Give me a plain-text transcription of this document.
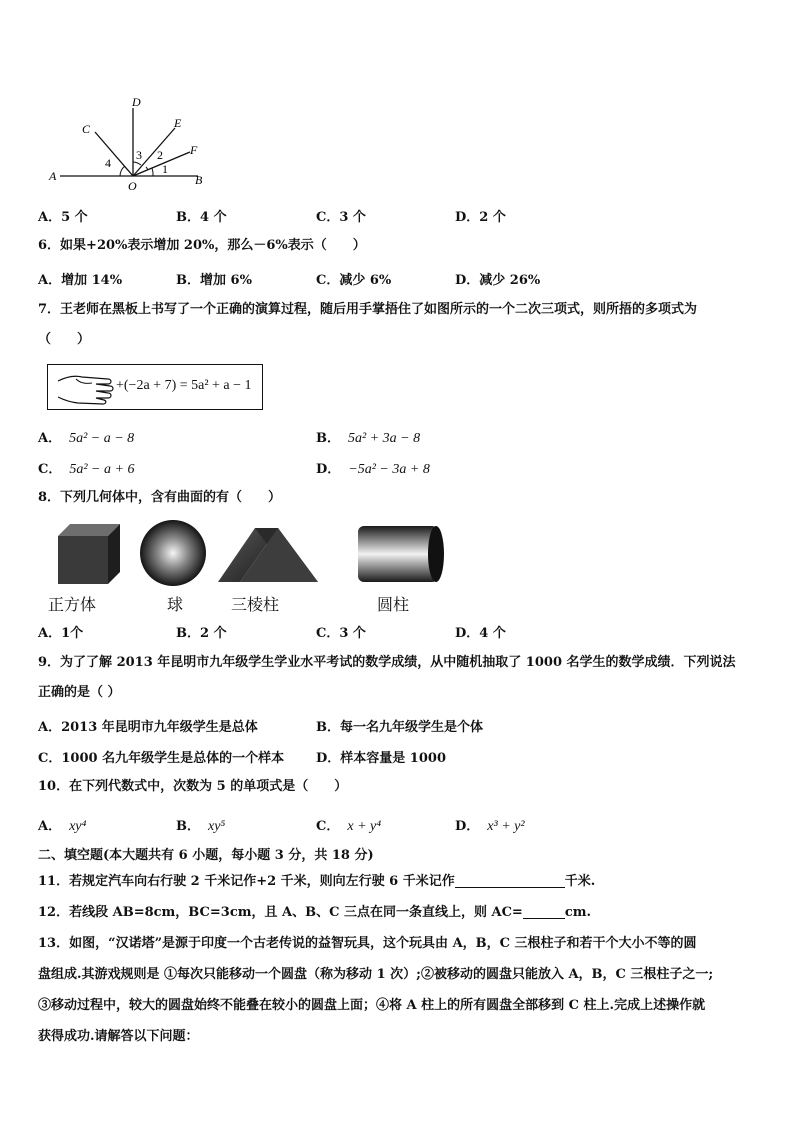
D
C	E
F
A
O	B
4
3 2
1
A．5 个	B．4 个	C．3 个	D．2 个
6．如果+20%表示增加 20%，那么－6%表示（　　）
A．增加 14%	B．增加 6%	C．减少 6%	D．减少 26%
7．王老师在黑板上书写了一个正确的演算过程，随后用手掌捂住了如图所示的一个二次三项式，则所捂的多项式为
（　　）
+(−2a + 7) = 5a² + a − 1
A． 5a² − a − 8	B． 5a² + 3a − 8
C． 5a² − a + 6	D． −5a² − 3a + 8
8．下列几何体中，含有曲面的有（　　）
正方体	球	三棱柱	圆柱
A．1个	B．2 个	C．3 个	D．4 个
9．为了了解 2013 年昆明市九年级学生学业水平考试的数学成绩，从中随机抽取了 1000 名学生的数学成绩．下列说法
正确的是（ ）
A．2013 年昆明市九年级学生是总体	B．每一名九年级学生是个体
C．1000 名九年级学生是总体的一个样本 D．样本容量是 1000
10．在下列代数式中，次数为 5 的单项式是（　　）
A． xy⁴	B． xy⁵	C． x + y⁴	D． x³ + y²
二、填空题(本大题共有 6 小题，每小题 3 分，共 18 分)
11．若规定汽车向右行驶 2 千米记作+2 千米，则向左行驶 6 千米记作	千米.
12．若线段 AB=8cm，BC=3cm，且 A、B、C 三点在同一条直线上，则 AC=	cm.
13．如图，“汉诺塔”是源于印度一个古老传说的益智玩具，这个玩具由 A，B，C 三根柱子和若干个大小不等的圆
盘组成.其游戏规则是 ①每次只能移动一个圆盘（称为移动 1 次）;②被移动的圆盘只能放入 A，B，C 三根柱子之一;
③移动过程中，较大的圆盘始终不能叠在较小的圆盘上面；④将 A 柱上的所有圆盘全部移到 C 柱上.完成上述操作就
获得成功.请解答以下问题：
